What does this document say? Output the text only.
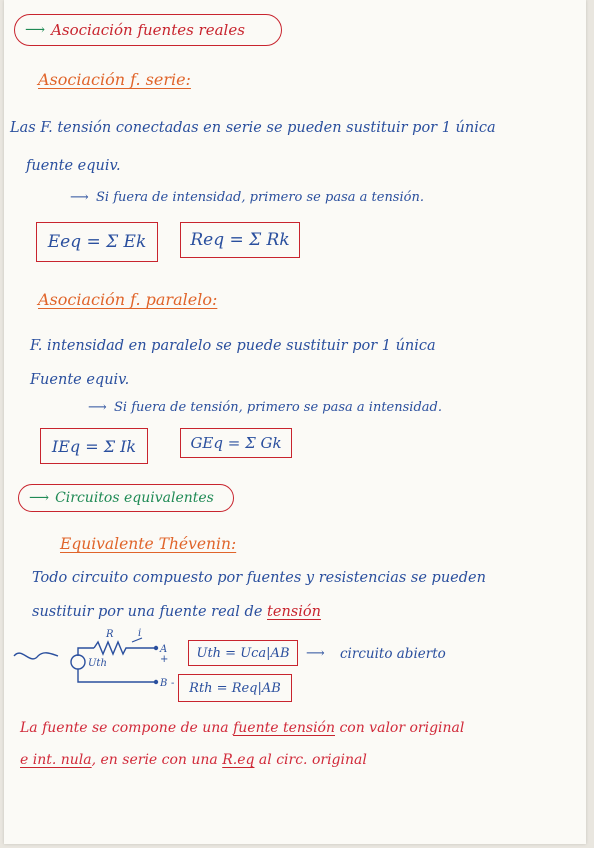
⟶ Asociación fuentes reales
Asociación f. serie:
Las F. tensión conectadas en serie se pueden sustituir por 1 única
fuente equiv.
⟶ Si fuera de intensidad, primero se pasa a tensión.
Eeq = Σ Ek	Req = Σ Rk
Asociación f. paralelo:
F. intensidad en paralelo se puede sustituir por 1 única
Fuente equiv.
⟶ Si fuera de tensión, primero se pasa a intensidad.
IEq = Σ Ik	GEq = Σ Gk
⟶ Circuitos equivalentes
Equivalente Thévenin:
Todo circuito compuesto por fuentes y resistencias se pueden
sustituir por una fuente real de tensión
R i
A
+
B -
Uth
Uth = Uca|AB ⟶ circuito abierto
Rth = Req|AB
La fuente se compone de una fuente tensión con valor original
e int. nula, en serie con una R.eq al circ. original
